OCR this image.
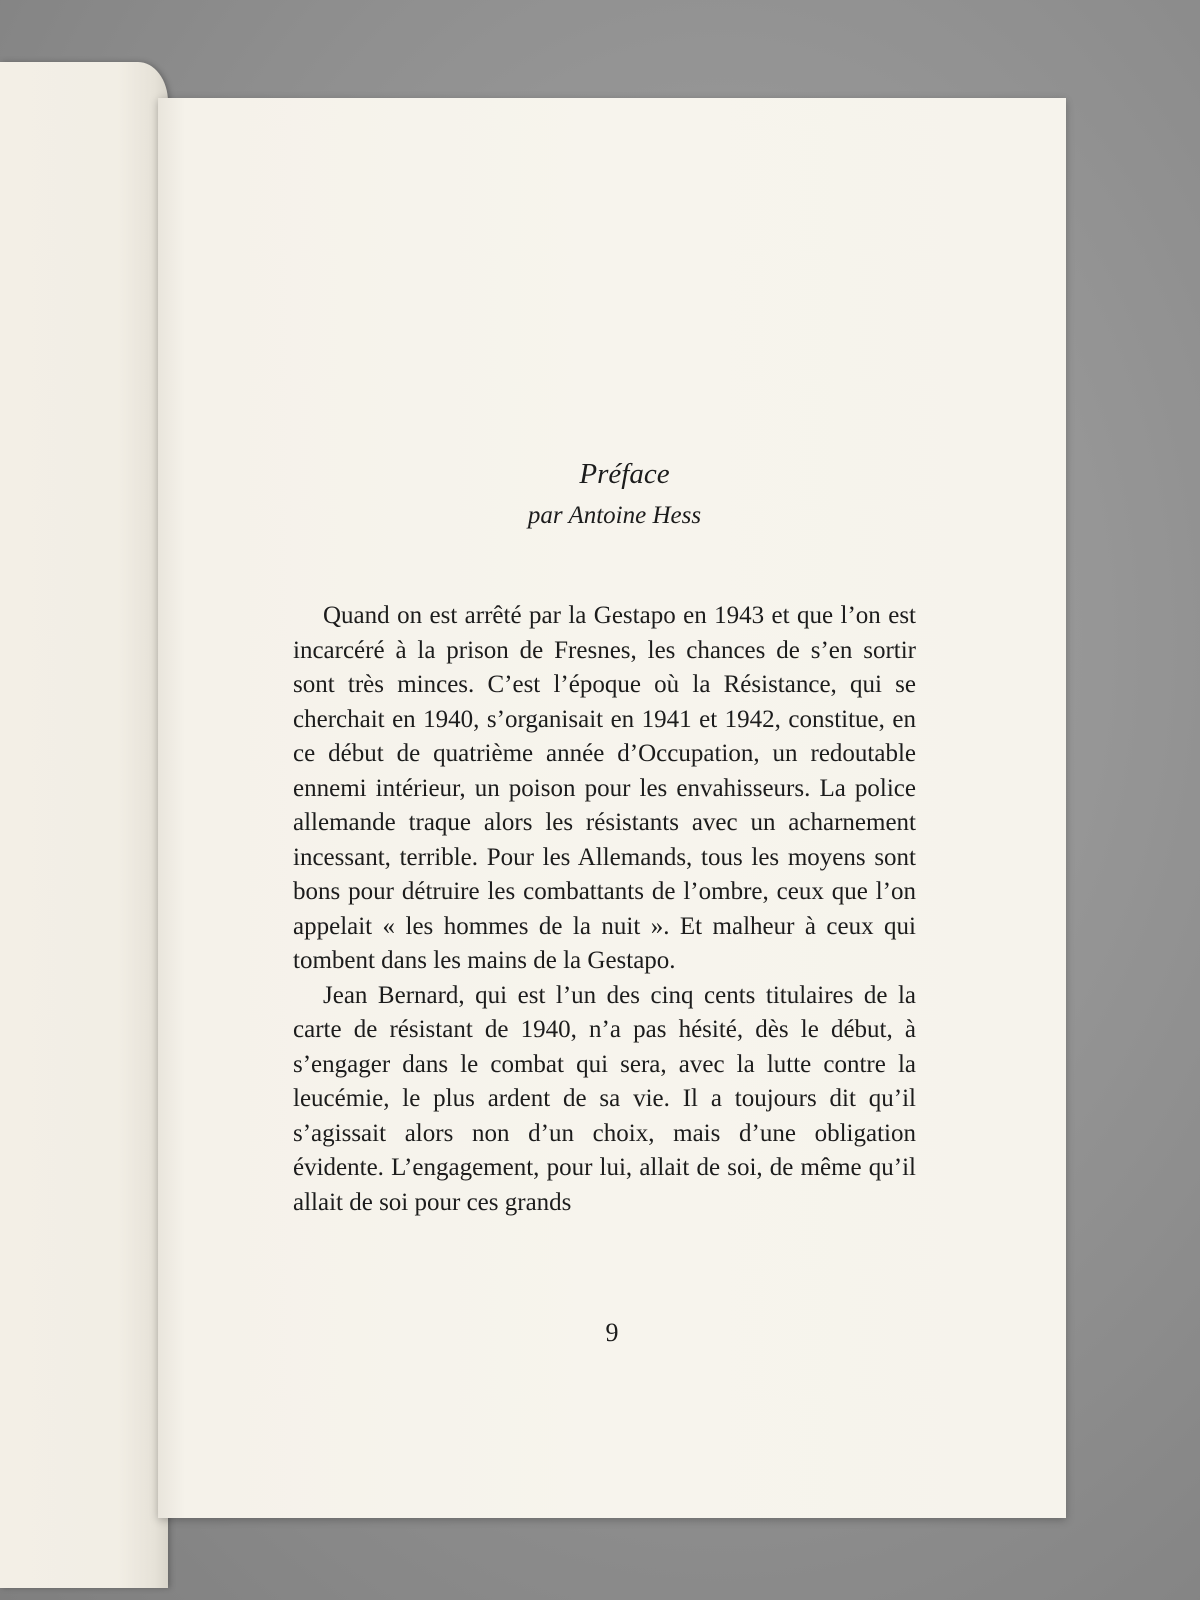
Préface
par Antoine Hess

Quand on est arrêté par la Gestapo en 1943 et que l’on est incarcéré à la prison de Fresnes, les chances de s’en sortir sont très minces. C’est l’époque où la Résistance, qui se cherchait en 1940, s’organisait en 1941 et 1942, constitue, en ce début de quatrième année d’Occupation, un redoutable ennemi intérieur, un poison pour les envahisseurs. La police allemande traque alors les résistants avec un acharnement incessant, terrible. Pour les Allemands, tous les moyens sont bons pour détruire les combattants de l’ombre, ceux que l’on appelait « les hommes de la nuit ». Et malheur à ceux qui tombent dans les mains de la Gestapo.

Jean Bernard, qui est l’un des cinq cents titulaires de la carte de résistant de 1940, n’a pas hésité, dès le début, à s’engager dans le combat qui sera, avec la lutte contre la leucémie, le plus ardent de sa vie. Il a toujours dit qu’il s’agissait alors non d’un choix, mais d’une obligation évidente. L’engagement, pour lui, allait de soi, de même qu’il allait de soi pour ces grands

9
